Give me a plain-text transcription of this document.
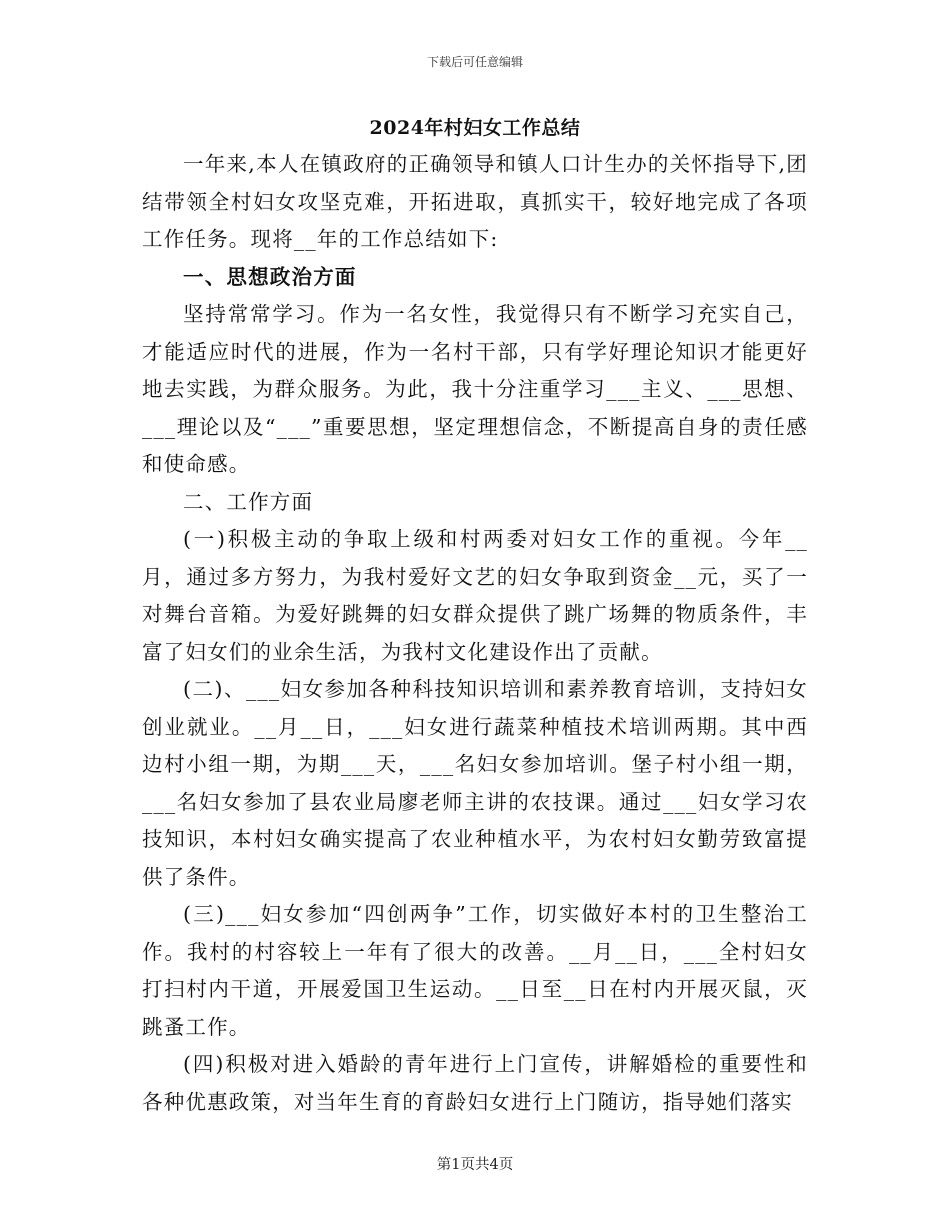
下载后可任意编辑
2024年村妇女工作总结

一年来,本人在镇政府的正确领导和镇人口计生办的关怀指导下,团结带领全村妇女攻坚克难，开拓进取，真抓实干，较好地完成了各项工作任务。现将__年的工作总结如下:

一、思想政治方面

坚持常常学习。作为一名女性，我觉得只有不断学习充实自己，才能适应时代的进展，作为一名村干部，只有学好理论知识才能更好地去实践，为群众服务。为此，我十分注重学习___主义、___思想、___理论以及“___”重要思想，坚定理想信念，不断提高自身的责任感和使命感。

二、工作方面

(一)积极主动的争取上级和村两委对妇女工作的重视。今年__月，通过多方努力，为我村爱好文艺的妇女争取到资金__元，买了一对舞台音箱。为爱好跳舞的妇女群众提供了跳广场舞的物质条件，丰富了妇女们的业余生活，为我村文化建设作出了贡献。

(二)、___妇女参加各种科技知识培训和素养教育培训，支持妇女创业就业。__月__日，___妇女进行蔬菜种植技术培训两期。其中西边村小组一期，为期___天，___名妇女参加培训。堡子村小组一期，___名妇女参加了县农业局廖老师主讲的农技课。通过___妇女学习农技知识，本村妇女确实提高了农业种植水平，为农村妇女勤劳致富提供了条件。

(三)___妇女参加“四创两争”工作，切实做好本村的卫生整治工作。我村的村容较上一年有了很大的改善。__月__日，___全村妇女打扫村内干道，开展爱国卫生运动。__日至__日在村内开展灭鼠，灭跳蚤工作。

(四)积极对进入婚龄的青年进行上门宣传，讲解婚检的重要性和各种优惠政策，对当年生育的育龄妇女进行上门随访，指导她们落实

第1页共4页
